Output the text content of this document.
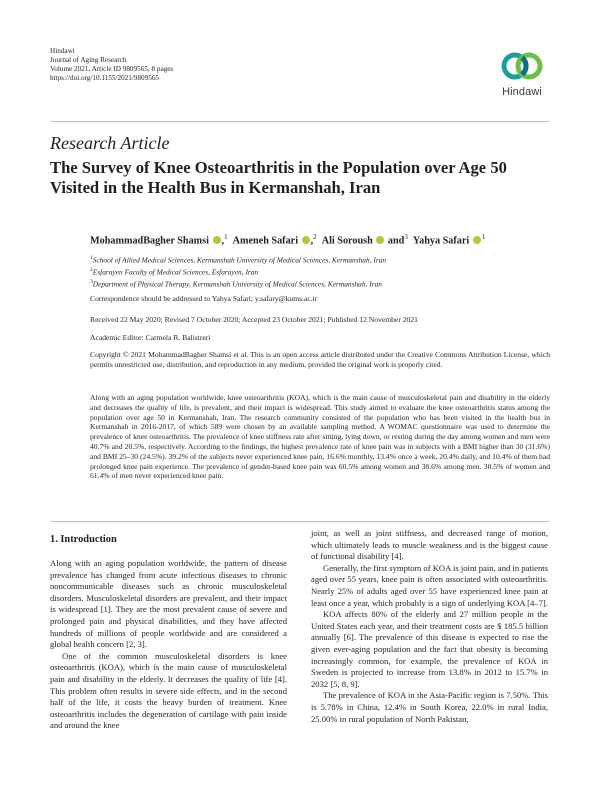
Hindawi
Journal of Aging Research
Volume 2021, Article ID 9809565, 8 pages
https://doi.org/10.1155/2021/9809565
Hindawi
Research Article
The Survey of Knee Osteoarthritis in the Population over Age 50 Visited in the Health Bus in Kermanshah, Iran
MohammadBagher Shamsi ,$^1$ Ameneh Safari ,$^2$ Ali Soroush  and$^3$ Yahya Safari $^1$
$^1$School of Allied Medical Sciences, Kermanshah University of Medical Sciences, Kermanshah, Iran
$^2$Esfarayen Faculty of Medical Sciences, Esfarayen, Iran
$^3$Department of Physical Therapy, Kermanshah University of Medical Sciences, Kermanshah, Iran
Correspondence should be addressed to Yahya Safari; y.safary@kums.ac.ir
Received 22 May 2020; Revised 7 October 2020; Accepted 23 October 2021; Published 12 November 2021
Academic Editor: Carmela R. Balistreri
Copyright © 2021 MohammadBagher Shamsi et al. This is an open access article distributed under the Creative Commons Attribution License, which permits unrestricted use, distribution, and reproduction in any medium, provided the original work is properly cited.
Along with an aging population worldwide, knee osteoarthritis (KOA), which is the main cause of musculoskeletal pain and disability in the elderly and decreases the quality of life, is prevalent, and their impact is widespread. This study aimed to evaluate the knee osteoarthritis status among the population over age 50 in Kermanshah, Iran. The research community consisted of the population who has been visited in the health bus in Kermanshah in 2016-2017, of which 589 were chosen by an available sampling method. A WOMAC questionnaire was used to determine the prevalence of knee osteoarthritis. The prevalence of knee stiffness rate after sitting, lying down, or resting during the day among women and men were 40.7% and 20.5%, respectively. According to the findings, the highest prevalence rate of knee pain was in subjects with a BMI higher than 30 (31.6%) and BMI 25–30 (24.5%). 39.2% of the subjects never experienced knee pain, 16.6% monthly, 13.4% once a week, 20.4% daily, and 10.4% of them had prolonged knee pain experience. The prevalence of gender-based knee pain was 60.5% among women and 38.6% among men. 30.5% of women and 61.4% of men never experienced knee pain.
1. Introduction

Along with an aging population worldwide, the pattern of disease prevalence has changed from acute infectious diseases to chronic noncommunicable diseases such as chronic musculoskeletal disorders. Musculoskeletal disorders are prevalent, and their impact is widespread [1]. They are the most prevalent cause of severe and prolonged pain and physical disabilities, and they have affected hundreds of millions of people worldwide and are considered a global health concern [2, 3].

One of the common musculoskeletal disorders is knee osteoarthritis (KOA), which is the main cause of musculoskeletal pain and disability in the elderly. It decreases the quality of life [4]. This problem often results in severe side effects, and in the second half of the life, it costs the heavy burden of treatment. Knee osteoarthritis includes the degeneration of cartilage with pain inside and around the knee

joint, as well as joint stiffness, and decreased range of motion, which ultimately leads to muscle weakness and is the biggest cause of functional disability [4].

Generally, the first symptom of KOA is joint pain, and in patients aged over 55 years, knee pain is often associated with osteoarthritis. Nearly 25% of adults aged over 55 have experienced knee pain at least once a year, which probably is a sign of underlying KOA [4–7].

KOA affects 80% of the elderly and 27 million people in the United States each year, and their treatment costs are $ 185.5 billion annually [6]. The prevalence of this disease is expected to rise the given ever-aging population and the fact that obesity is becoming increasingly common, for example, the prevalence of KOA in Sweden is projected to increase from 13.8% in 2012 to 15.7% in 2032 [5, 8, 9].

The prevalence of KOA in the Asia-Pacific region is 7.50%. This is 5.78% in China, 12.4% in South Korea, 22.0% in rural India, 25.00% in rural population of North Pakistan,
